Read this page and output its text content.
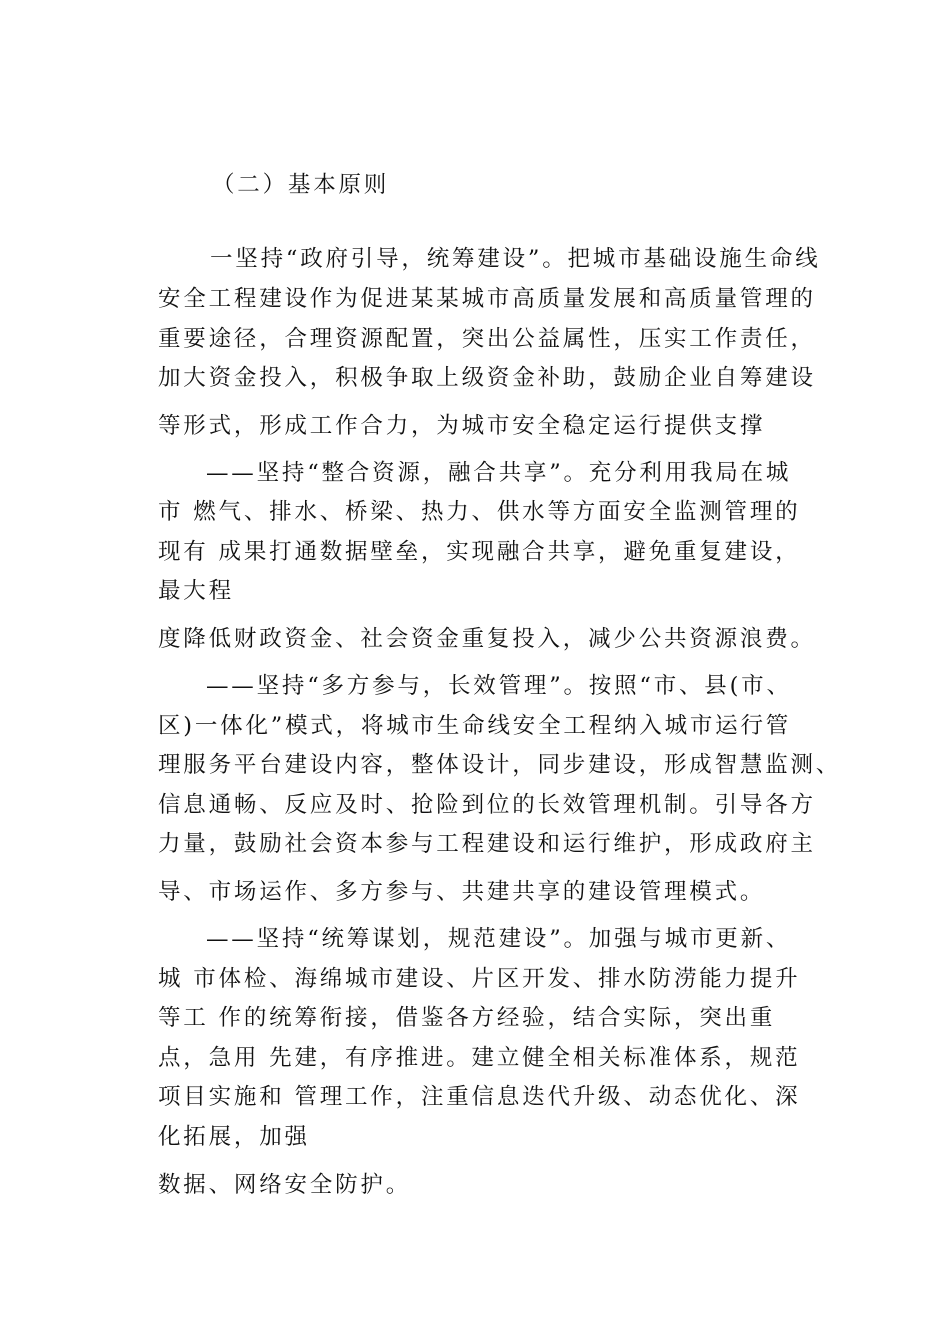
（二）基本原则
一坚持“政府引导，统筹建设”。把城市基础设施生命线
安全工程建设作为促进某某城市高质量发展和高质量管理的
重要途径，合理资源配置，突出公益属性，压实工作责任，
加大资金投入，积极争取上级资金补助，鼓励企业自筹建设
等形式，形成工作合力，为城市安全稳定运行提供支撑
——坚持“整合资源，融合共享”。充分利用我局在城
市 燃气、排水、桥梁、热力、供水等方面安全监测管理的
现有 成果打通数据壁垒，实现融合共享，避免重复建设，
最大程
度降低财政资金、社会资金重复投入，减少公共资源浪费。
——坚持“多方参与，长效管理”。按照“市、县(市、
区)一体化”模式，将城市生命线安全工程纳入城市运行管
理服务平台建设内容，整体设计，同步建设，形成智慧监测、
信息通畅、反应及时、抢险到位的长效管理机制。引导各方
力量，鼓励社会资本参与工程建设和运行维护，形成政府主
导、市场运作、多方参与、共建共享的建设管理模式。
——坚持“统筹谋划，规范建设”。加强与城市更新、
城 市体检、海绵城市建设、片区开发、排水防涝能力提升
等工 作的统筹衔接，借鉴各方经验，结合实际，突出重
点，急用 先建，有序推进。建立健全相关标准体系，规范
项目实施和 管理工作，注重信息迭代升级、动态优化、深
化拓展，加强
数据、网络安全防护。
